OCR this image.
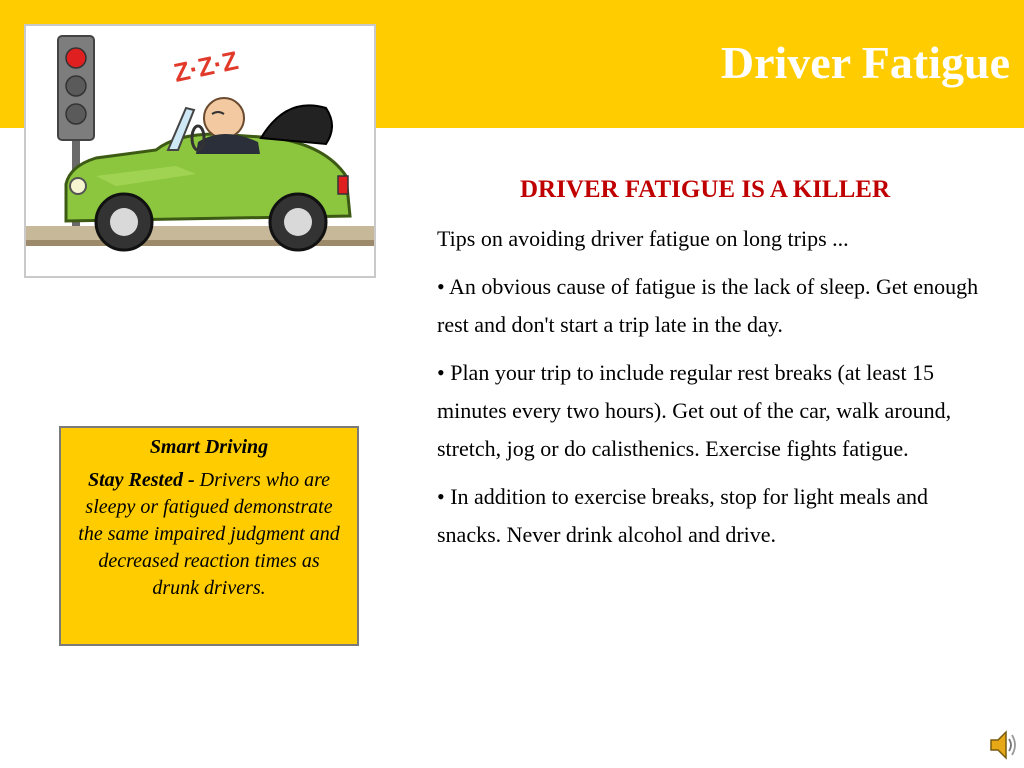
Driver Fatigue
Z·Z·Z

Smart Driving

Stay Rested - Drivers who are sleepy or fatigued demonstrate the same impaired judgment and decreased reaction times as drunk drivers.

DRIVER FATIGUE IS A KILLER

Tips on avoiding driver fatigue on long trips ...

• An obvious cause of fatigue is the lack of sleep. Get enough rest and don't start a trip late in the day.

• Plan your trip to include regular rest breaks (at least 15 minutes every two hours). Get out of the car, walk around, stretch, jog or do calisthenics. Exercise fights fatigue.

• In addition to exercise breaks, stop for light meals and snacks. Never drink alcohol and drive.
